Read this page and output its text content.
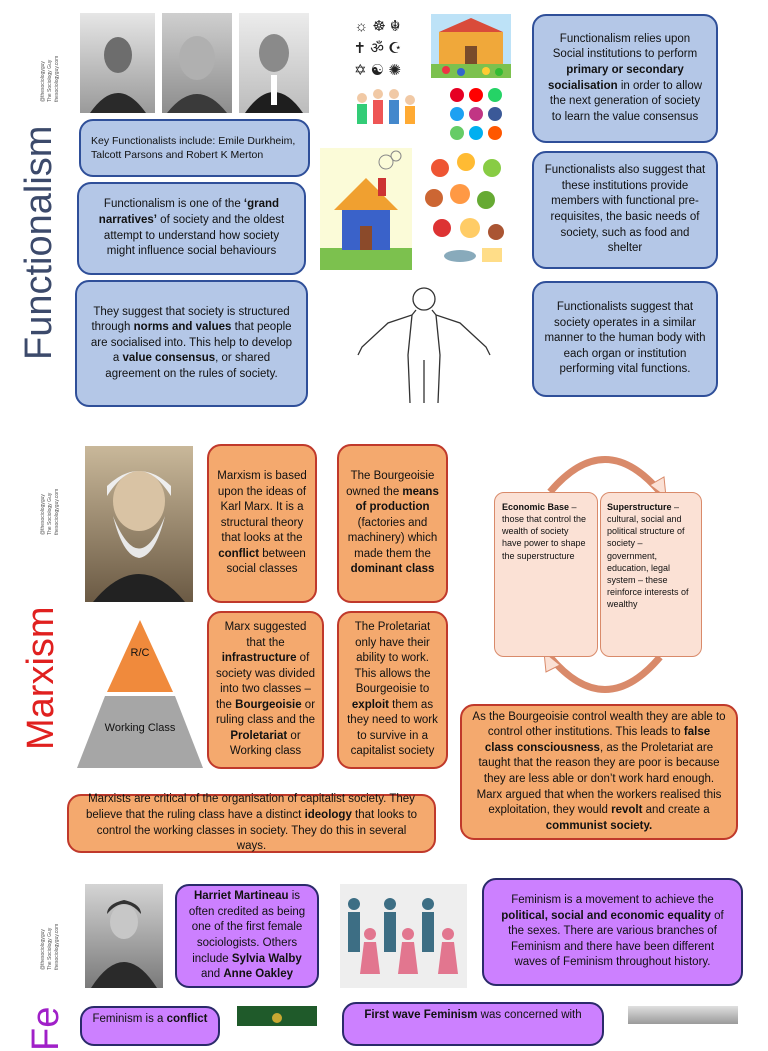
Functionalism
@thesociologyguy The Sociology Guy thesociologyguy.com
Key Functionalists include: Emile Durkheim, Talcott Parsons and Robert K Merton
Functionalism is one of the ‘grand narratives’ of society and the oldest attempt to understand how society might influence social behaviours
They suggest that society is structured through norms and values that people are socialised into. This help to develop a value consensus, or shared agreement on the rules of society.
☼ ☸ ☬
✝ ॐ ☪
✡ ☯ ✺
Functionalism relies upon Social institutions to perform primary or secondary socialisation in order to allow the next generation of society to learn the value consensus
Functionalists also suggest that these institutions provide members with functional pre-requisites, the basic needs of society, such as food and shelter
Functionalists suggest that society operates in a similar manner to the human body with each organ or institution performing vital functions.
Marxism
@thesociologyguy The Sociology Guy thesociologyguy.com
Marxism is based upon the ideas of Karl Marx. It is a structural theory that looks at the conflict between social classes
The Bourgeoisie owned the means of production (factories and machinery) which made them the dominant class
Marx suggested that the infrastructure of society was divided into two classes – the Bourgeoisie or ruling class and the Proletariat or Working class
The Proletariat only have their ability to work. This allows the Bourgeoisie to exploit them as they need to work to survive in a capitalist society
R/C
Working Class
Economic Base – those that control the wealth of society have power to shape the superstructure
Superstructure – cultural, social and political structure of society – government, education, legal system – these reinforce interests of wealthy
As the Bourgeoisie control wealth they are able to control other institutions. This leads to false class consciousness, as the Proletariat are taught that the reason they are poor is because they are less able or don’t work hard enough. Marx argued that when the workers realised this exploitation, they would revolt and create a communist society.
Marxists are critical of the organisation of capitalist society. They believe that the ruling class have a distinct ideology that looks to control the working classes in society. They do this in several ways.
@thesociologyguy The Sociology Guy thesociologyguy.com
Fe
Harriet Martineau is often credited as being one of the first female sociologists. Others include Sylvia Walby and Anne Oakley
Feminism is a movement to achieve the political, social and economic equality of the sexes. There are various branches of Feminism and there have been different waves of Feminism throughout history.
Feminism is a conflict	First wave Feminism was concerned with
